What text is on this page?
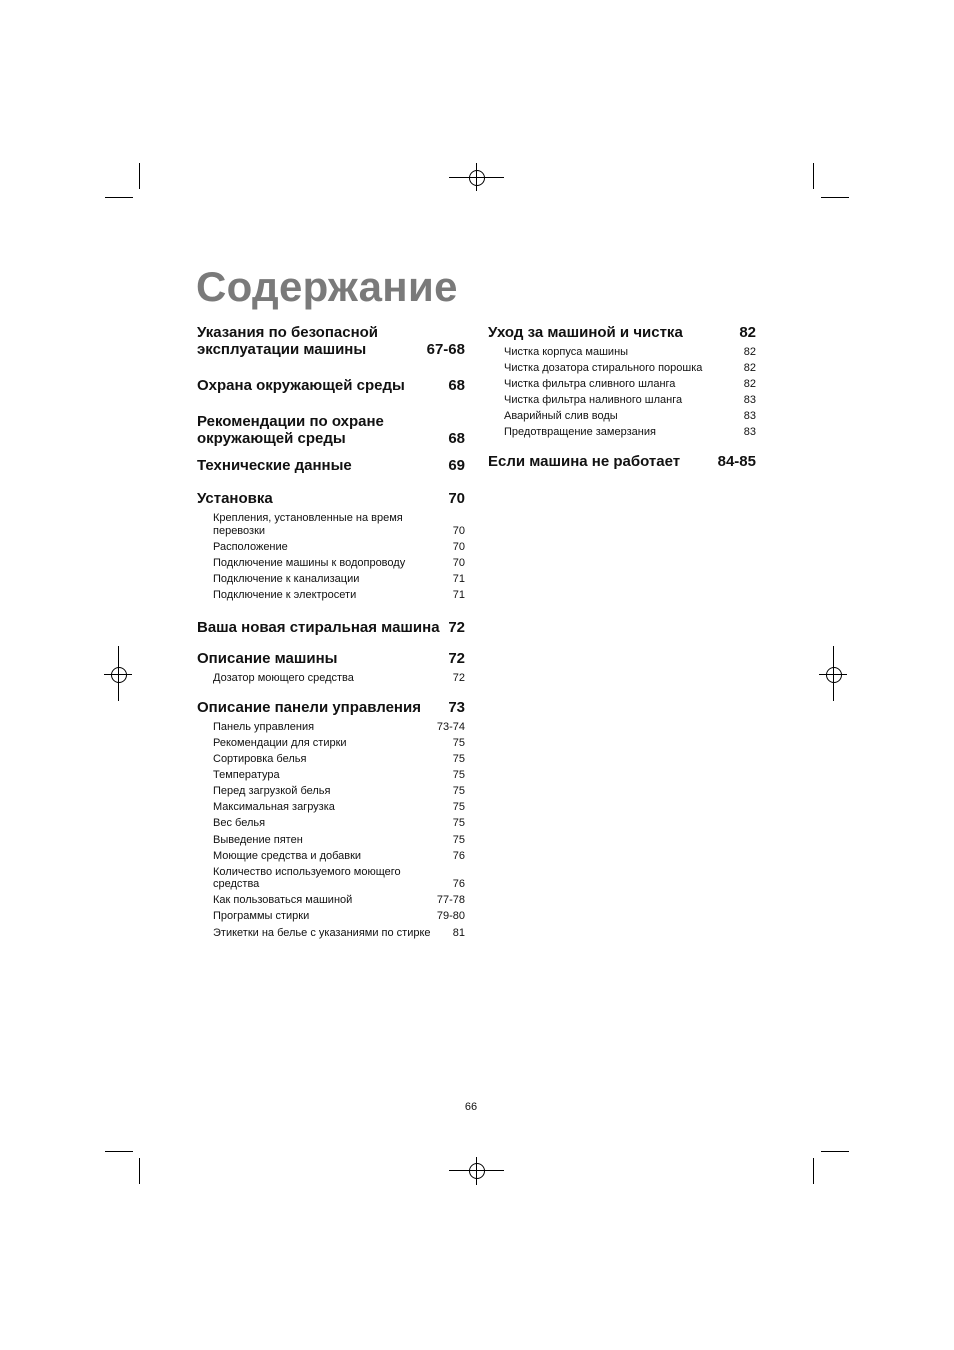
Содержание
Указания по безопасной эксплуатации машины	67-68
Охрана окружающей среды	68
Рекомендации по охране окружающей среды	68
Технические данные	69
Установка	70
Крепления, установленные на время перевозки	70
Расположение	70
Подключение машины к водопроводу	70
Подключение к канализации	71
Подключение к электросети	71
Ваша новая стиральная машина 72
Описание машины	72
Дозатор моющего средства	72
Описание панели управления	73
Панель управления	73-74
Рекомендации для стирки	75
Сортировка белья	75
Температура	75
Перед загрузкой белья	75
Максимальная загрузка	75
Вес белья	75
Выведение пятен	75
Моющие средства и добавки	76
Количество используемого моющего средства	76
Как пользоваться машиной	77-78
Программы стирки	79-80
Этикетки на белье с указаниями по стирке	81
Уход за машиной и чистка	82
Чистка корпуса машины	82
Чистка дозатора стирального порошка	82
Чистка фильтра сливного шланга	82
Чистка фильтра наливного шланга	83
Аварийный слив воды	83
Предотвращение замерзания	83
Если машина не работает	84-85
66
